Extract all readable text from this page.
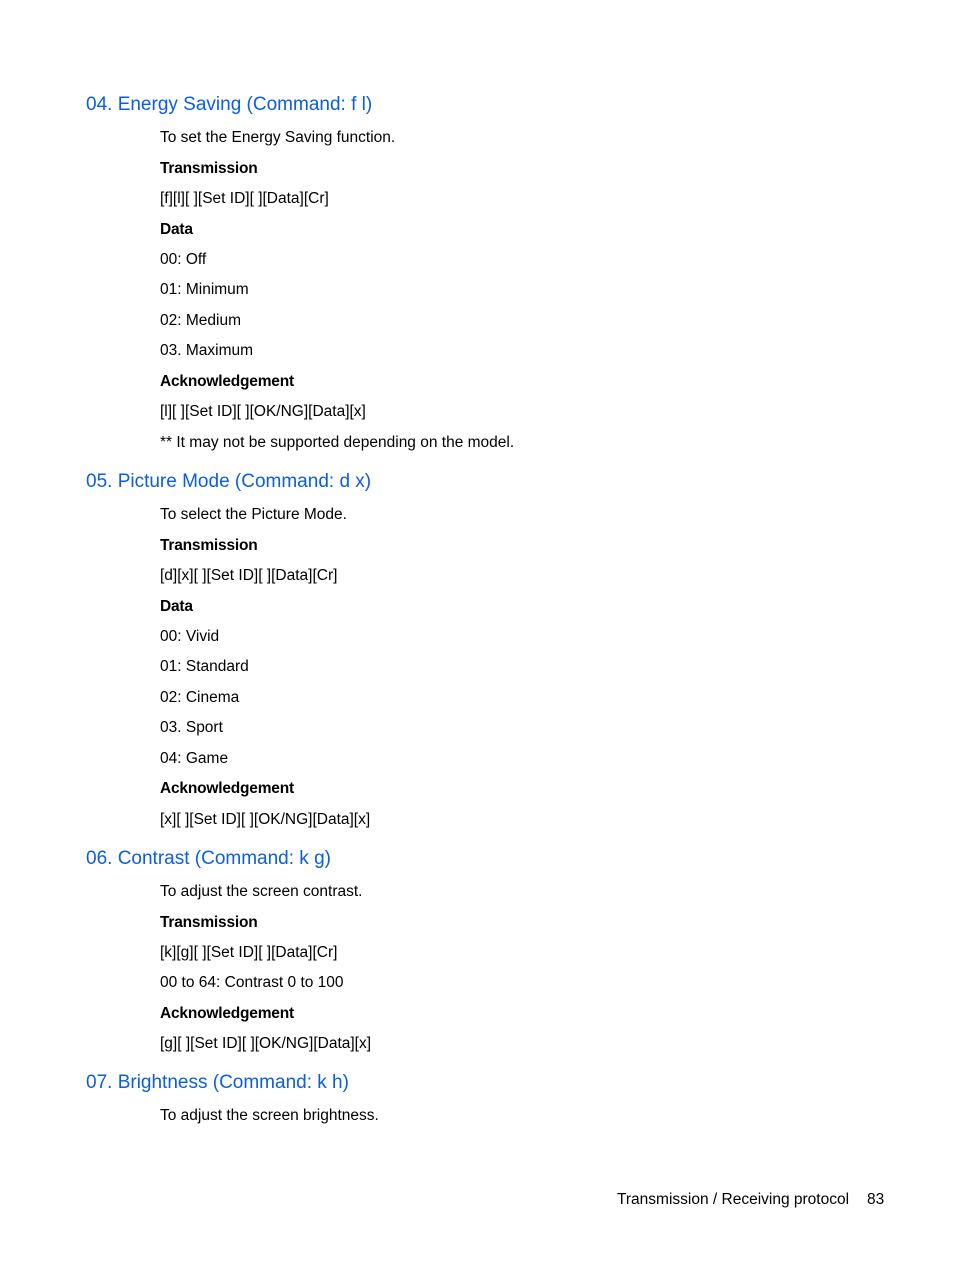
04. Energy Saving (Command: f l)

To set the Energy Saving function.

Transmission

[f][l][ ][Set ID][ ][Data][Cr]

Data

00: Off

01: Minimum

02: Medium

03. Maximum

Acknowledgement

[l][ ][Set ID][ ][OK/NG][Data][x]

** It may not be supported depending on the model.

05. Picture Mode (Command: d x)

To select the Picture Mode.

Transmission

[d][x][ ][Set ID][ ][Data][Cr]

Data

00: Vivid

01: Standard

02: Cinema

03. Sport

04: Game

Acknowledgement

[x][ ][Set ID][ ][OK/NG][Data][x]

06. Contrast (Command: k g)

To adjust the screen contrast.

Transmission

[k][g][ ][Set ID][ ][Data][Cr]

00 to 64: Contrast 0 to 100

Acknowledgement

[g][ ][Set ID][ ][OK/NG][Data][x]

07. Brightness (Command: k h)

To adjust the screen brightness.

Transmission / Receiving protocol 83
